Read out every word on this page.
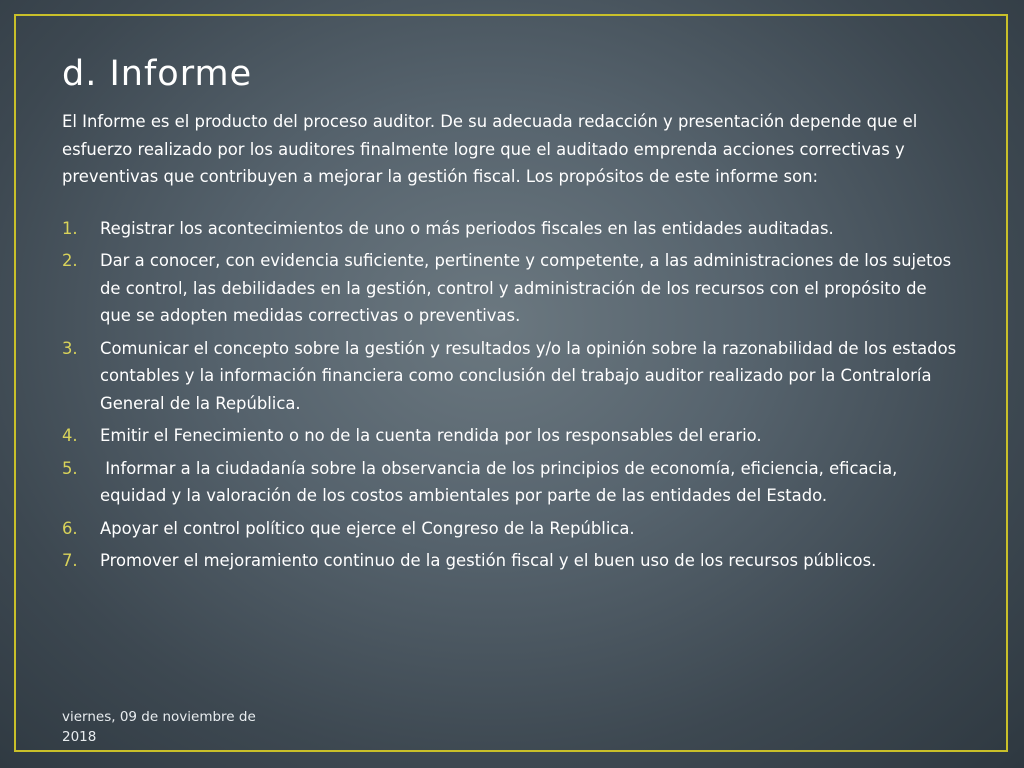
d. Informe

El Informe es el producto del proceso auditor. De su adecuada redacción y presentación depende que el esfuerzo realizado por los auditores finalmente logre que el auditado emprenda acciones correctivas y preventivas que contribuyen a mejorar la gestión fiscal. Los propósitos de este informe son:

1.	Registrar los acontecimientos de uno o más periodos fiscales en las entidades auditadas.
2.	Dar a conocer, con evidencia suficiente, pertinente y competente, a las administraciones de los sujetos de control, las debilidades en la gestión, control y administración de los recursos con el propósito de que se adopten medidas correctivas o preventivas.
3.	Comunicar el concepto sobre la gestión y resultados y/o la opinión sobre la razonabilidad de los estados contables y la información financiera como conclusión del trabajo auditor realizado por la Contraloría General de la República.
4.	Emitir el Fenecimiento o no de la cuenta rendida por los responsables del erario.
5.	Informar a la ciudadanía sobre la observancia de los principios de economía, eficiencia, eficacia, equidad y la valoración de los costos ambientales por parte de las entidades del Estado.
6.	Apoyar el control político que ejerce el Congreso de la República.
7.	Promover el mejoramiento continuo de la gestión fiscal y el buen uso de los recursos públicos.
viernes, 09 de noviembre de 2018
